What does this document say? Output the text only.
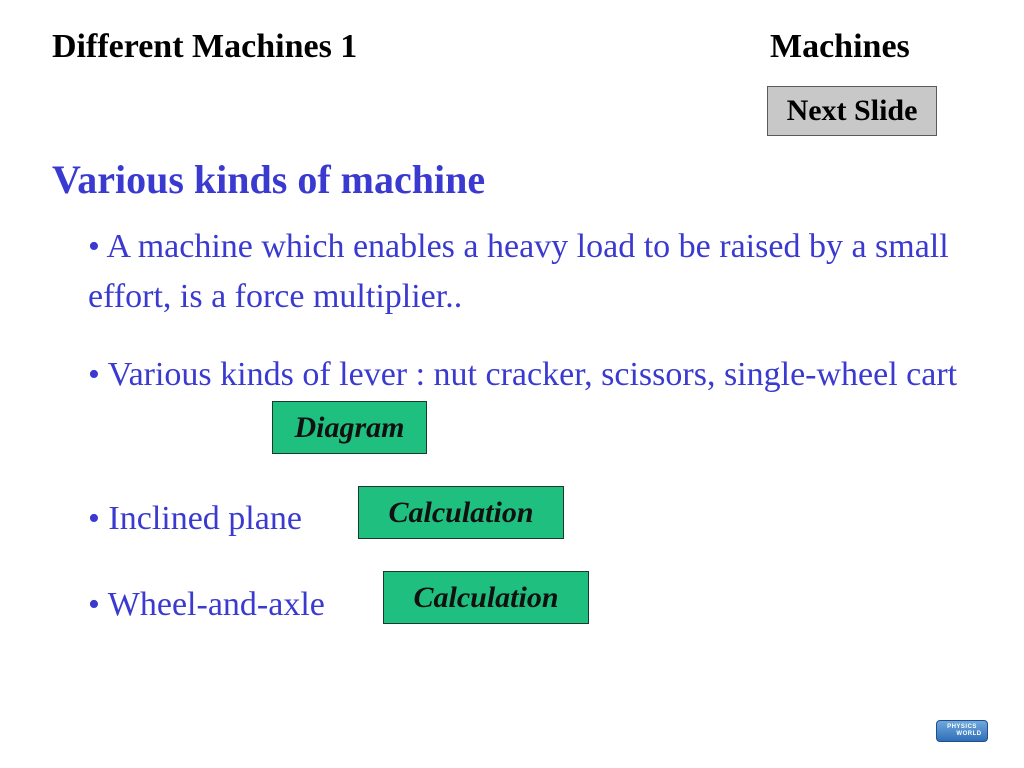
Different Machines 1	Machines
Next Slide
Various kinds of machine
• A machine which enables a heavy load to be raised by a small effort, is a force multiplier..
• Various kinds of lever : nut cracker, scissors, single-wheel cart
Diagram
• Inclined plane	Calculation
• Wheel-and-axle	Calculation
PHYSICS
WORLD
